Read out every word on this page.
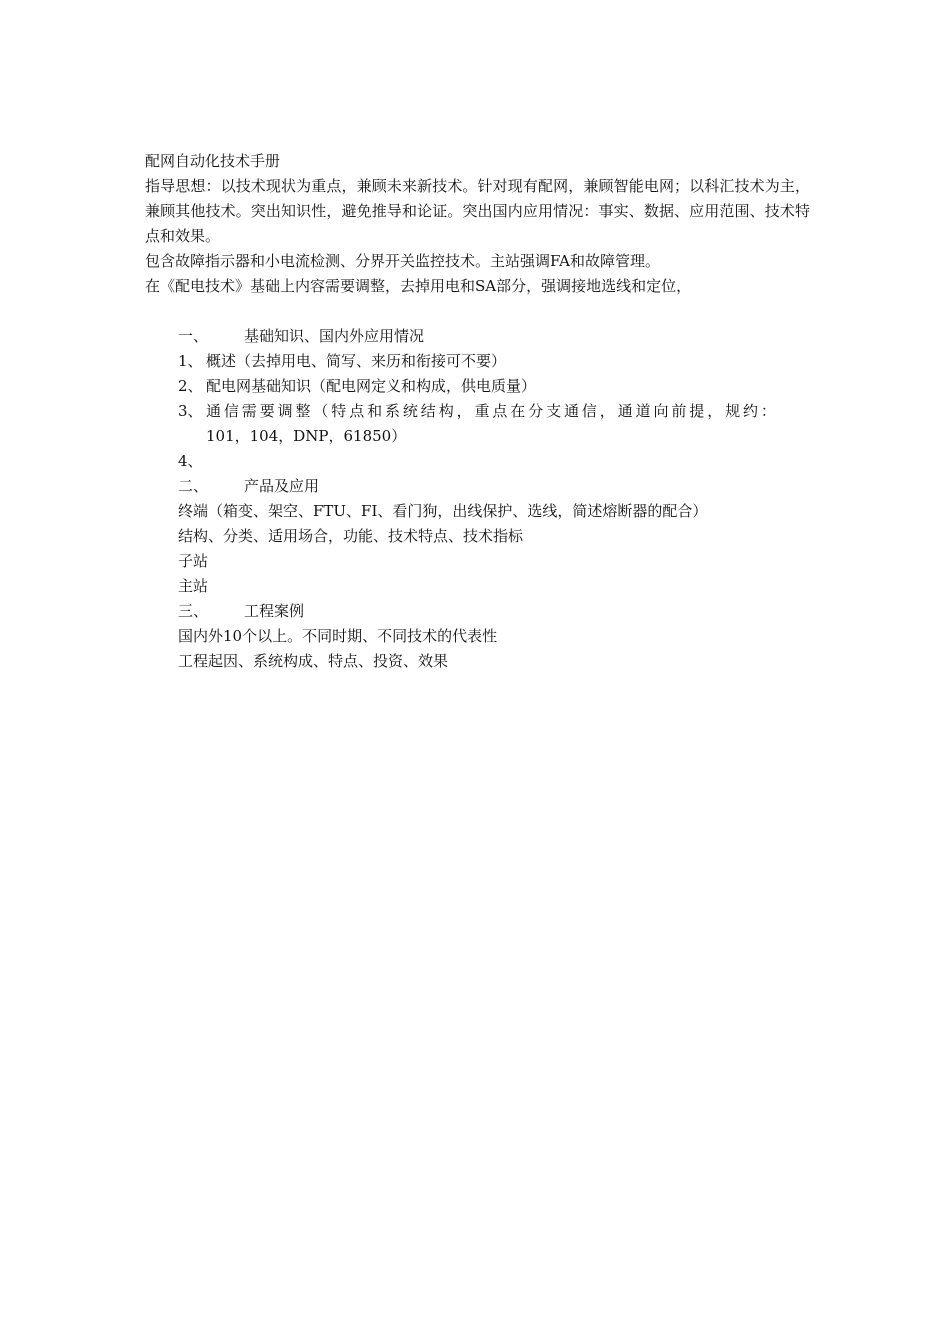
配网自动化技术手册
指导思想：以技术现状为重点，兼顾未来新技术。针对现有配网，兼顾智能电网；以科汇技术为主，兼顾其他技术。突出知识性，避免推导和论证。突出国内应用情况：事实、数据、应用范围、技术特点和效果。
包含故障指示器和小电流检测、分界开关监控技术。主站强调FA和故障管理。
在《配电技术》基础上内容需要调整，去掉用电和SA部分，强调接地选线和定位，
一、	基础知识、国内外应用情况
1、 概述（去掉用电、简写、来历和衔接可不要）
2、 配电网基础知识（配电网定义和构成，供电质量）
3、 通信需要调整（特点和系统结构，重点在分支通信，通道向前提，规约：
101，104，DNP，61850）
4、
二、	产品及应用
终端（箱变、架空、FTU、FI、看门狗，出线保护、选线，简述熔断器的配合）
结构、分类、适用场合，功能、技术特点、技术指标
子站
主站
三、	工程案例
国内外10个以上。不同时期、不同技术的代表性
工程起因、系统构成、特点、投资、效果
